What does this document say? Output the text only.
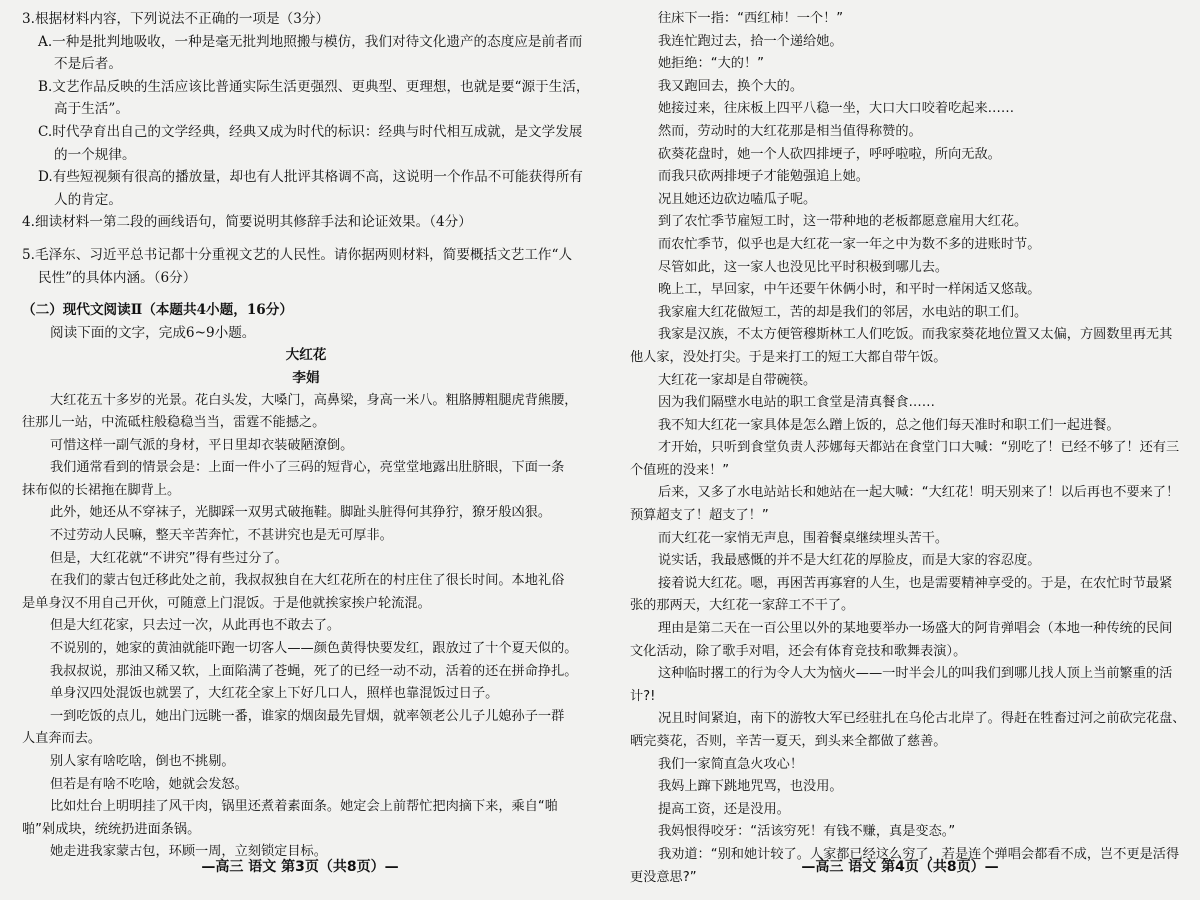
3.根据材料内容，下列说法不正确的一项是（3分）
A.一种是批判地吸收，一种是毫无批判地照搬与模仿，我们对待文化遗产的态度应是前者而
不是后者。
B.文艺作品反映的生活应该比普通实际生活更强烈、更典型、更理想，也就是要“源于生活，
高于生活”。
C.时代孕育出自己的文学经典，经典又成为时代的标识：经典与时代相互成就，是文学发展
的一个规律。
D.有些短视频有很高的播放量，却也有人批评其格调不高，这说明一个作品不可能获得所有
人的肯定。
4.细读材料一第二段的画线语句，简要说明其修辞手法和论证效果。（4分）
5.毛泽东、习近平总书记都十分重视文艺的人民性。请你据两则材料，简要概括文艺工作“人
民性”的具体内涵。（6分）
（二）现代文阅读Ⅱ（本题共4小题，16分）
阅读下面的文字，完成6~9小题。
大红花
李娟
大红花五十多岁的光景。花白头发，大嗓门，高鼻梁，身高一米八。粗胳膊粗腿虎背熊腰，
往那儿一站，中流砥柱般稳稳当当，雷霆不能撼之。
可惜这样一副气派的身材，平日里却衣装破陋潦倒。
我们通常看到的情景会是：上面一件小了三码的短背心，亮堂堂地露出肚脐眼，下面一条
抹布似的长裙拖在脚背上。
此外，她还从不穿袜子，光脚踩一双男式破拖鞋。脚趾头脏得何其狰狞，獠牙般凶狠。
不过劳动人民嘛，整天辛苦奔忙，不甚讲究也是无可厚非。
但是，大红花就“不讲究”得有些过分了。
在我们的蒙古包迁移此处之前，我叔叔独自在大红花所在的村庄住了很长时间。本地礼俗
是单身汉不用自己开伙，可随意上门混饭。于是他就挨家挨户轮流混。
但是大红花家，只去过一次，从此再也不敢去了。
不说别的，她家的黄油就能吓跑一切客人——颜色黄得快要发红，跟放过了十个夏天似的。
我叔叔说，那油又稀又软，上面陷满了苍蝇，死了的已经一动不动，活着的还在拼命挣扎。
单身汉四处混饭也就罢了，大红花全家上下好几口人，照样也靠混饭过日子。
一到吃饭的点儿，她出门远眺一番，谁家的烟囱最先冒烟，就率领老公儿子儿媳孙子一群
人直奔而去。
别人家有啥吃啥，倒也不挑剔。
但若是有啥不吃啥，她就会发怒。
比如灶台上明明挂了风干肉，锅里还煮着素面条。她定会上前帮忙把肉摘下来，乘自“啪
啪”剁成块，统统扔进面条锅。
她走进我家蒙古包，环顾一周，立刻锁定目标。
—高三 语文 第3页（共8页）—
往床下一指：“西红柿！一个！”
我连忙跑过去，拾一个递给她。
她拒绝：“大的！”
我又跑回去，换个大的。
她接过来，往床板上四平八稳一坐，大口大口咬着吃起来……
然而，劳动时的大红花那是相当值得称赞的。
砍葵花盘时，她一个人砍四排埂子，呼呼啦啦，所向无敌。
而我只砍两排埂子才能勉强追上她。
况且她还边砍边嗑瓜子呢。
到了农忙季节雇短工时，这一带种地的老板都愿意雇用大红花。
而农忙季节，似乎也是大红花一家一年之中为数不多的进账时节。
尽管如此，这一家人也没见比平时积极到哪儿去。
晚上工，早回家，中午还要午休俩小时，和平时一样闲适又悠哉。
我家雇大红花做短工，苦的却是我们的邻居，水电站的职工们。
我家是汉族，不太方便管穆斯林工人们吃饭。而我家葵花地位置又太偏，方圆数里再无其
他人家，没处打尖。于是来打工的短工大都自带午饭。
大红花一家却是自带碗筷。
因为我们隔壁水电站的职工食堂是清真餐食……
我不知大红花一家具体是怎么蹭上饭的，总之他们每天准时和职工们一起进餐。
才开始，只听到食堂负责人莎娜每天都站在食堂门口大喊：“别吃了！已经不够了！还有三
个值班的没来！”
后来，又多了水电站站长和她站在一起大喊：“大红花！明天别来了！以后再也不要来了！
预算超支了！超支了！”
而大红花一家悄无声息，围着餐桌继续埋头苦干。
说实话，我最感慨的并不是大红花的厚脸皮，而是大家的容忍度。
接着说大红花。嗯，再困苦再寡窘的人生，也是需要精神享受的。于是，在农忙时节最紧
张的那两天，大红花一家辞工不干了。
理由是第二天在一百公里以外的某地要举办一场盛大的阿肯弹唱会（本地一种传统的民间
文化活动，除了歌手对唱，还会有体育竞技和歌舞表演）。
这种临时撂工的行为令人大为恼火——一时半会儿的叫我们到哪儿找人顶上当前繁重的活
计?!
况且时间紧迫，南下的游牧大军已经驻扎在乌伦古北岸了。得赶在牲畜过河之前砍完花盘、
晒完葵花，否则，辛苦一夏天，到头来全都做了慈善。
我们一家简直急火攻心！
我妈上蹿下跳地咒骂，也没用。
提高工资，还是没用。
我妈恨得咬牙：“活该穷死！有钱不赚，真是变态。”
我劝道：“别和她计较了。人家都已经这么穷了，若是连个弹唱会都看不成，岂不更是活得
更没意思?”
—高三 语文 第4页（共8页）—
